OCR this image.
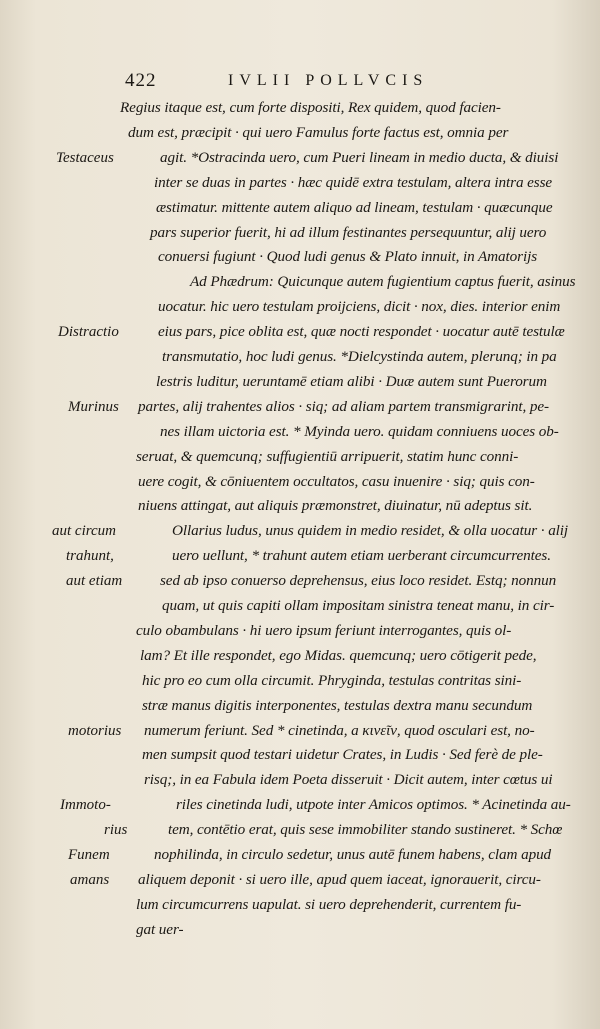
422	IVLII POLLVCIS
Testaceus
Distractio
Murinus
aut circum
trahunt,
aut etiam
motorius
Immoto-
rius
Funem
amans
Regius itaque est, cum forte dispositi, Rex quidem, quod facien-
dum est, præcipit · qui uero Famulus forte factus est, omnia per
agit. *Ostracinda uero, cum Pueri lineam in medio ducta, & diuisi
inter se duas in partes · hæc quidē extra testulam, altera intra esse
æstimatur. mittente autem aliquo ad lineam, testulam · quæcunque
pars superior fuerit, hi ad illum festinantes persequuntur, alij uero
conuersi fugiunt · Quod ludi genus & Plato innuit, in Amatorijs
Ad Phædrum: Quicunque autem fugientium captus fuerit, asinus
uocatur. hic uero testulam proijciens, dicit · nox, dies. interior enim
eius pars, pice oblita est, quæ nocti respondet · uocatur autē testulæ
transmutatio, hoc ludi genus. *Dielcystinda autem, plerunq; in pa
lestris luditur, ueruntamē etiam alibi · Duæ autem sunt Puerorum
partes, alij trahentes alios · siq; ad aliam partem transmigrarint, pe-
nes illam uictoria est. * Myinda uero. quidam conniuens uoces ob-
seruat, & quemcunq; suffugientiū arripuerit, statim hunc conni-
uere cogit, & cōniuentem occultatos, casu inuenire · siq; quis con-
niuens attingat, aut aliquis præmonstret, diuinatur, nū adeptus sit.
Ollarius ludus, unus quidem in medio residet, & olla uocatur · alij
uero uellunt, * trahunt autem etiam uerberant circumcurrentes.
sed ab ipso conuerso deprehensus, eius loco residet. Estq; nonnun
quam, ut quis capiti ollam impositam sinistra teneat manu, in cir-
culo obambulans · hi uero ipsum feriunt interrogantes, quis ol-
lam? Et ille respondet, ego Midas. quemcunq; uero cōtigerit pede,
hic pro eo cum olla circumit. Phrygindа, testulas contritas sini-
stræ manus digitis interponentes, testulas dextra manu secundum
numerum feriunt. Sed * cinetinda, a κινεῖν, quod osculari est, no-
men sumpsit quod testari uidetur Crates, in Ludis · Sed ferè de ple-
risq;, in ea Fabula idem Poeta disseruit · Dicit autem, inter cœtus ui
riles cinetinda ludi, utpote inter Amicos optimos. * Acinetinda au-
tem, contētio erat, quis sese immobiliter stando sustineret. * Schœ
nophilinda, in circulo sedetur, unus autē funem habens, clam apud
aliquem deponit · si uero ille, apud quem iaceat, ignorauerit, circu-
lum circumcurrens uapulat. si uero deprehenderit, currentem fu-
gat uer-
